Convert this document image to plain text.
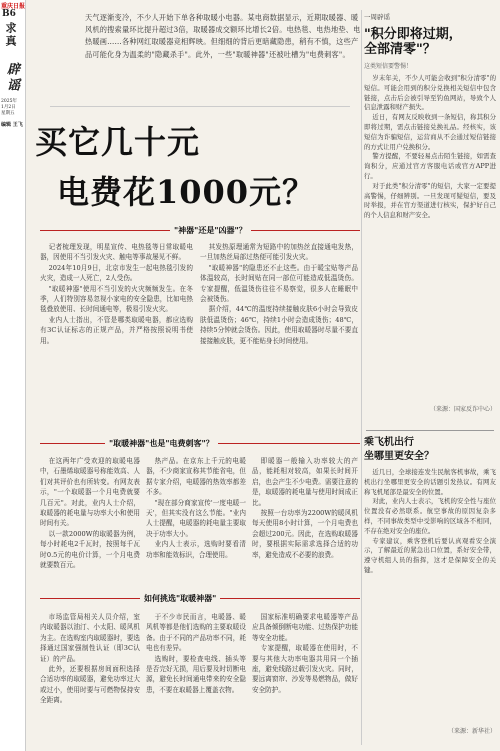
重庆日报
B6
求真
辟谣
2025年
1月2日
星期五
编辑 王飞
天气逐渐变冷，不少人开始下单各种取暖小电器。某电商数据显示，近期取暖器、暖风机的搜索量环比提升超过3倍，取暖器成交额环比增长2倍。电热毯、电热地垫、电热暖画……各种网红取暖器竞相辉映。但细细的背后更暗藏隐患，稍有不慎，这些产品可能化身为温柔的"隐藏杀手"。此外，一些"取暖神器"还被吐槽为"电费刺客"。
买它几十元
电费花1000元？
"神器"还是"凶器"？

记者梳理发现，明星宣传、电热毯等日常取暖电器，因使用不当引发火灾、触电等事故屡见不鲜。

2024年10月9日，北京市发生一起电热毯引发的火灾，造成一人死亡，2人受伤。

"取暖神器"使用不当引发的火灾频频发生。在冬季，人们特别容易忽视小家电的安全隐患，比如电热毯叠放使用、长时间通电等，极易引发火灾。

业内人士指出，不管是哪类取暖电器，都应选购有3C认证标志的正规产品，并严格按照说明书使用。

其发热原理通常为短路中的加热丝直接通电发热，一旦加热丝局部过热便可能引发火灾。

"取暖神器"的隐患还不止这些。由于暖宝贴等产品体温较高，长时间贴在同一部位可能造成低温烫伤。专家提醒，低温烫伤往往不易察觉，很多人在睡眠中会被烫伤。

据介绍，44℃的温度持续接触皮肤6小时会导致皮肤低温烫伤；46℃，持续1小时会造成烫伤；48℃，持续5分钟就会烫伤。因此，使用取暖器时尽量不要直接接触皮肤，更不能贴身长时间使用。

"取暖神器"也是"电费刺客"？

在这两年广受欢迎的取暖电器中，石墨烯取暖器号称能效高、人们对其评价也有所转变。有网友表示，"一个取暖器一个月电费就要几百元"。对此，业内人士介绍，取暖器的耗电量与功率大小和使用时间有关。

以一款2000W的取暖器为例，每小时耗电2千瓦时，按照每千瓦时0.5元的电价计算，一个月电费就要数百元。

热产品。在京东上千元的电暖器，不少商家宣称其节能省电，但据专家介绍，电暖器的热效率都差不多。

"现在部分商家宣传'一度电暖一天'，但其实没有这么节能。"业内人士提醒，电暖器的耗电量主要取决于功率大小。

业内人士表示，选购时要看清功率和能效标识，合理使用。

即暖器一般输入功率较大的产品，能耗相对较高，如果长时间开启，也会产生不少电费。需要注意的是，取暖器的耗电量与使用时间成正比。

按照一台功率为2200W的暖风机每天使用8小时计算，一个月电费也会超过200元。因此，在选购取暖器时，要根据实际需求选择合适的功率，避免造成不必要的浪费。

如何挑选"取暖神器"

市场监管局相关人员介绍，室内取暖器以油汀、小太阳、暖风机为主。在选购室内取暖器时，要选择通过国家强制性认证（即3C认证）的产品。

此外，还要根据房间面积选择合适功率的取暖器，避免功率过大或过小，使用时要与可燃物保持安全距离。

于不少市民而言，电暖器、暖风机等都是他们选购的主要取暖设备。由于不同的产品功率不同，耗电也有差异。

选购时，要检查电线、插头等是否完好无损，用后要及时切断电源，避免长时间通电带来的安全隐患，不要在取暖器上覆盖衣物。

国家标准明确要求电暖器等产品应具备倾倒断电功能、过热保护功能等安全功能。

专家提醒，取暖器在使用时，不要与其他大功率电器共用同一个插座，避免线路过载引发火灾。同时，要远离窗帘、沙发等易燃物品，做好安全防护。

一周辟谣
"积分即将过期，
全部清零"？
这类短信要警惕！

岁末年关，不少人可能会收到"积分清零"的短信。可能会用到的积分兑换相关短信中包含链接，点击后会被引导至钓鱼网站，导致个人信息泄露和财产损失。

近日，有网友反映收到一条短信，称其积分即将过期，需点击链接兑换礼品。经核实，该短信为诈骗短信，运营商从不会通过短信链接的方式让用户兑换积分。

警方提醒，不要轻易点击陌生链接，如需查询积分，应通过官方客服电话或官方APP进行。

对于此类"积分清零"的短信，大家一定要提高警惕，仔细辨别。一旦发现可疑短信，要及时举报，并在官方渠道进行核实，保护好自己的个人信息和财产安全。

（来源：国家反诈中心）
乘飞机出行
坐哪里更安全？

近几日，全球接连发生民航客机事故，乘飞机出行坐哪里更安全的话题引发热议。有网友称飞机尾部是最安全的位置。

对此，业内人士表示，飞机的安全性与座位位置没有必然联系。航空事故的原因复杂多样，不同事故类型中受影响的区域各不相同，不存在绝对安全的座位。

专家建议，乘客登机后要认真观看安全演示，了解最近的紧急出口位置，系好安全带，遵守机组人员的指挥，这才是保障安全的关键。

（来源：新华社）
